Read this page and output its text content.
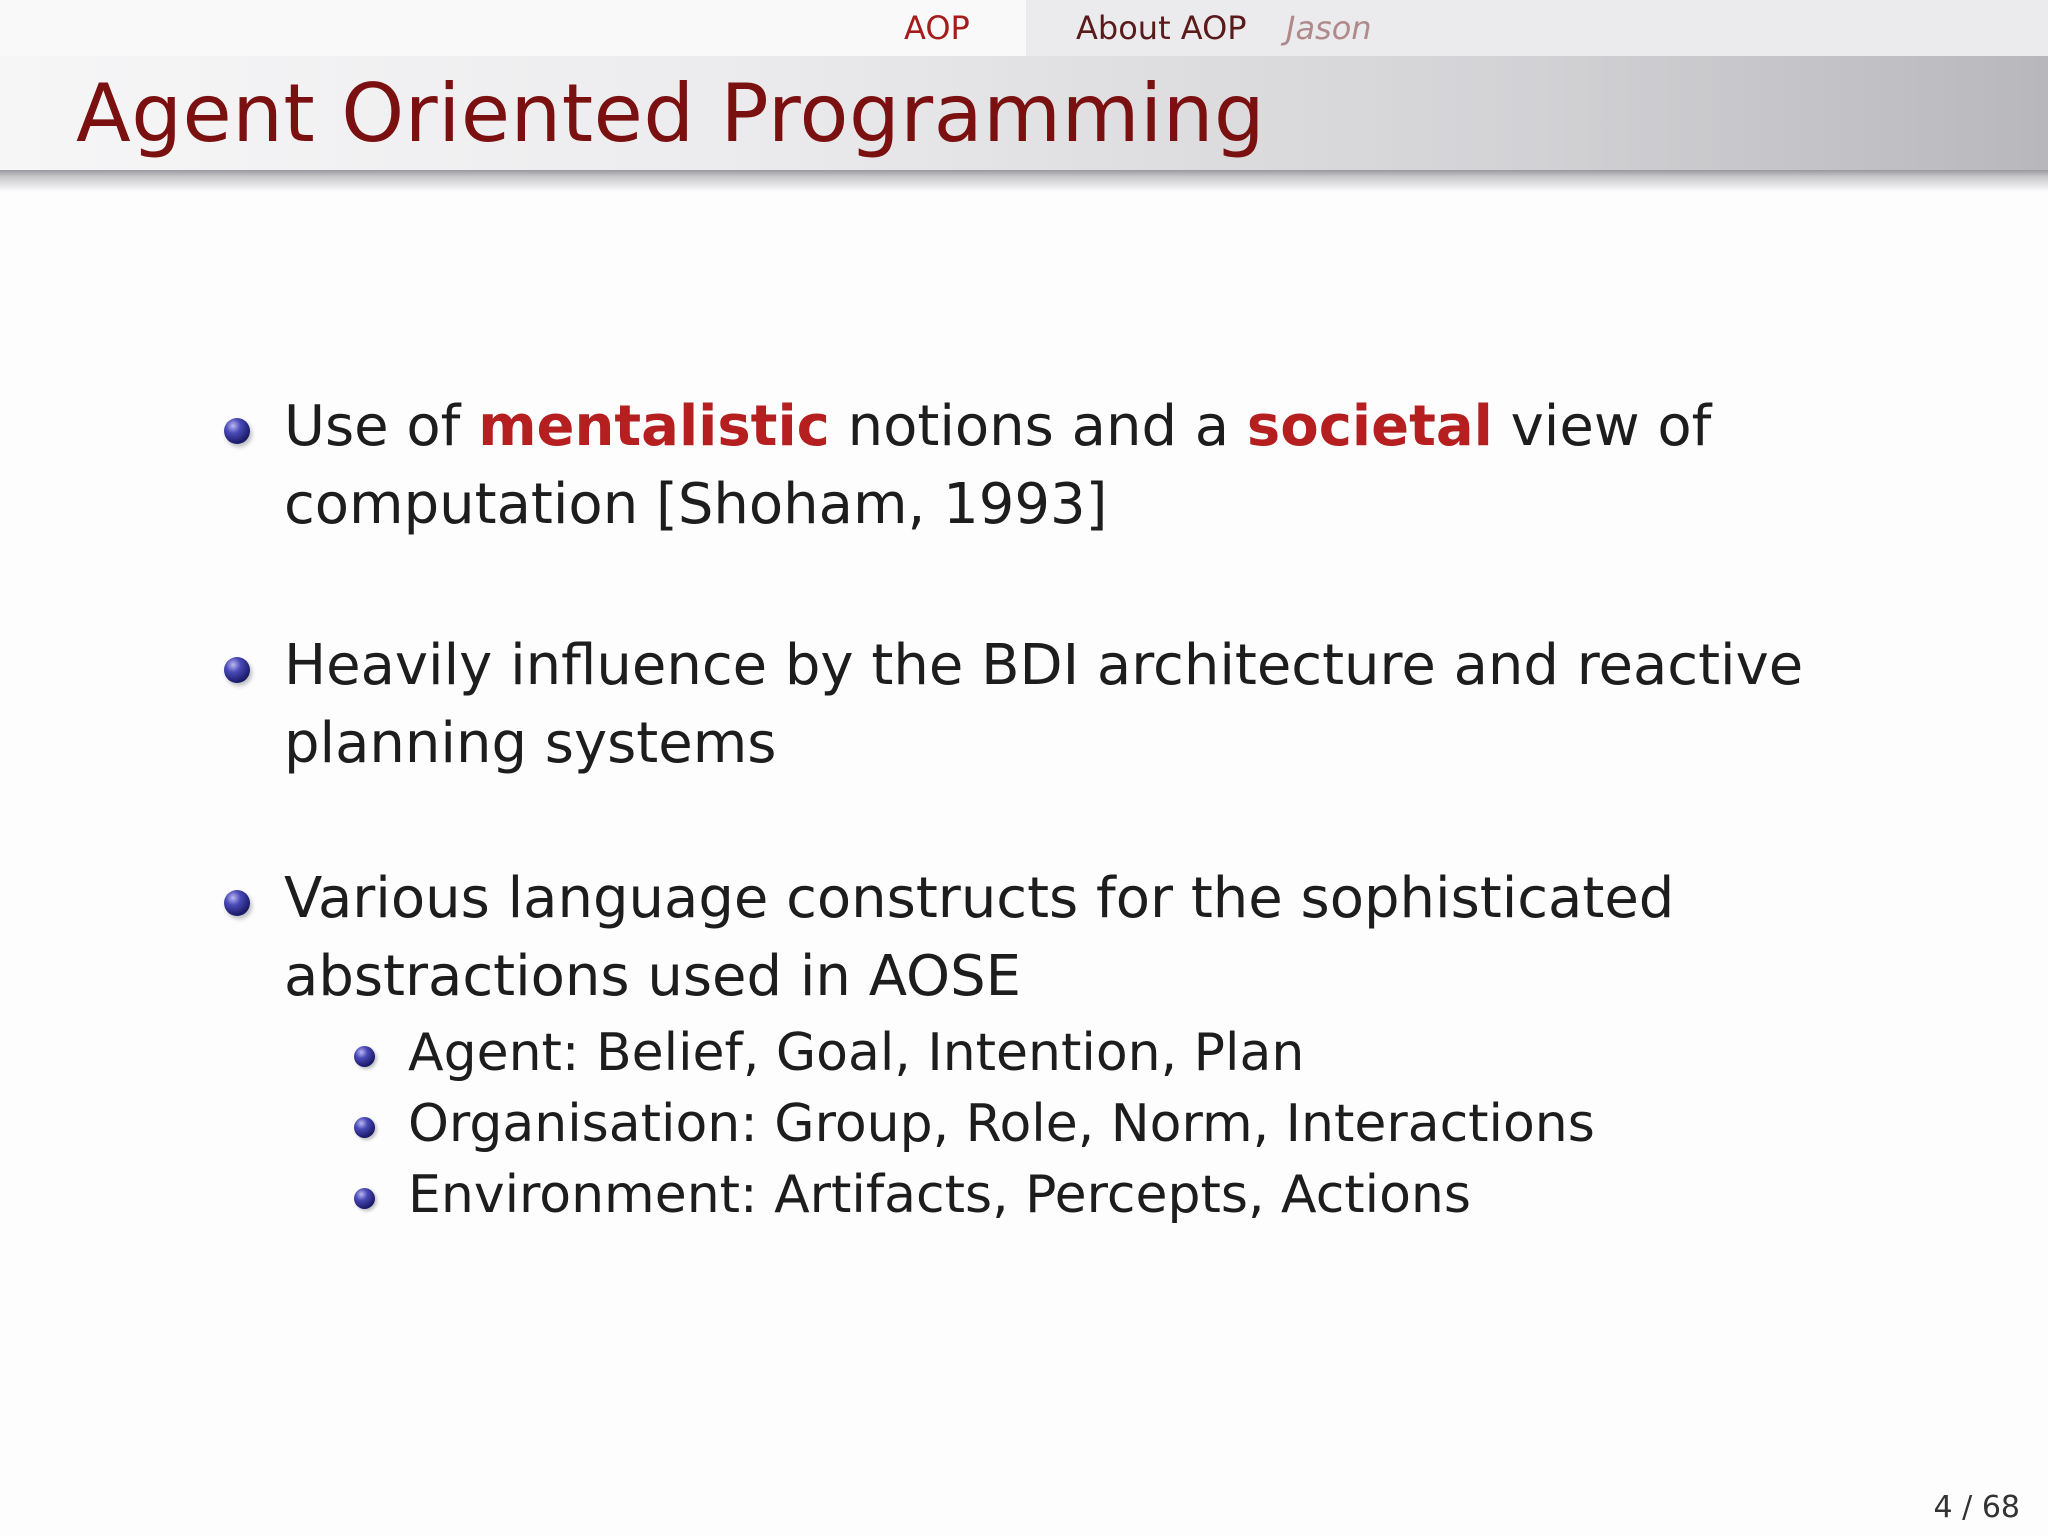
AOP	About AOP Jason
Agent Oriented Programming
Use of mentalistic notions and a societal view of
computation [Shoham, 1993]
Heavily influence by the BDI architecture and reactive
planning systems
Various language constructs for the sophisticated
abstractions used in AOSE
Agent: Belief, Goal, Intention, Plan
Organisation: Group, Role, Norm, Interactions
Environment: Artifacts, Percepts, Actions
4 / 68
